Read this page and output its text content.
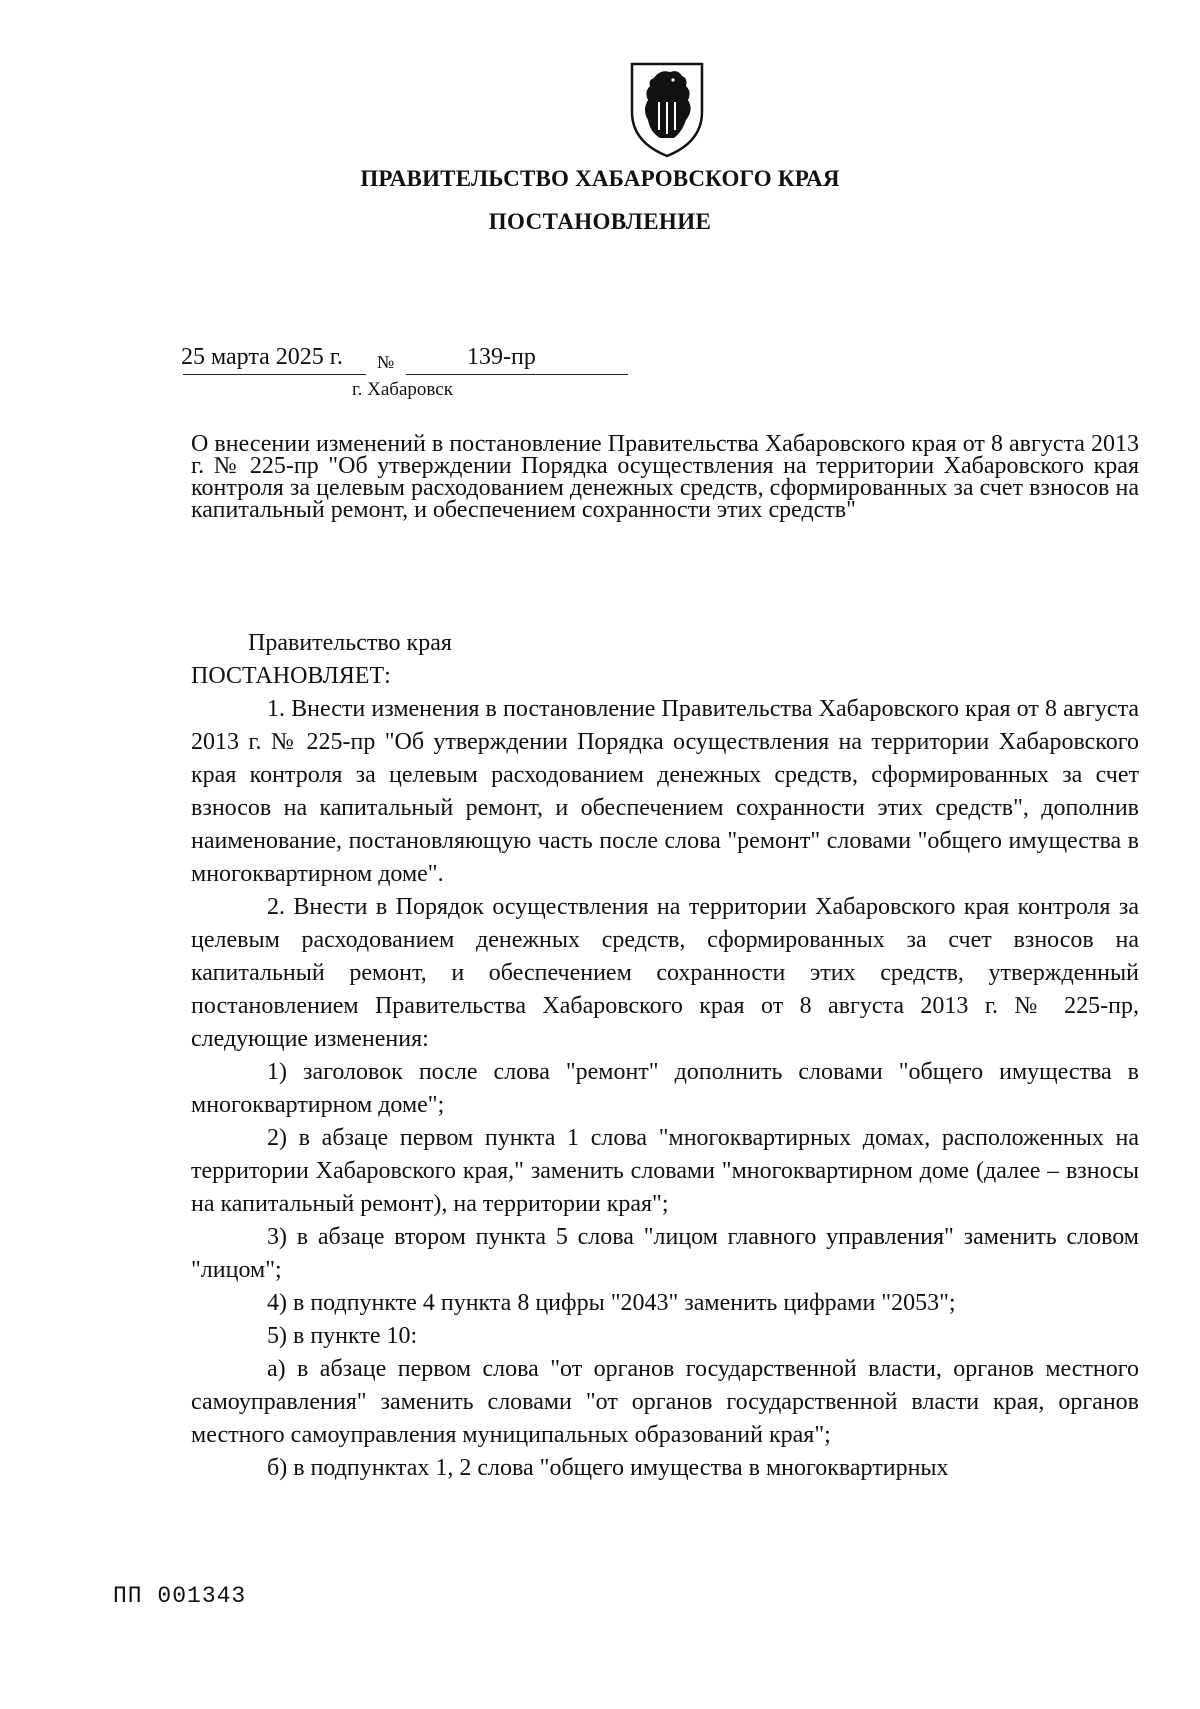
ПРАВИТЕЛЬСТВО ХАБАРОВСКОГО КРАЯ
ПОСТАНОВЛЕНИЕ
25 марта 2025 г. №	139-пр
г. Хабаровск
О внесении изменений в постановление Правительства Хабаровского края от 8 августа 2013 г. № 225-пр "Об утверждении Порядка осуществления на территории Хабаровского края контроля за целевым расходованием денежных средств, сформированных за счет взносов на капитальный ремонт, и обеспечением сохранности этих средств"
Правительство края
ПОСТАНОВЛЯЕТ:

1. Внести изменения в постановление Правительства Хабаровского края от 8 августа 2013 г. № 225-пр "Об утверждении Порядка осуществления на территории Хабаровского края контроля за целевым расходованием денежных средств, сформированных за счет взносов на капитальный ремонт, и обеспечением сохранности этих средств", дополнив наименование, постановляющую часть после слова "ремонт" словами "общего имущества в многоквартирном доме".

2. Внести в Порядок осуществления на территории Хабаровского края контроля за целевым расходованием денежных средств, сформированных за счет взносов на капитальный ремонт, и обеспечением сохранности этих средств, утвержденный постановлением Правительства Хабаровского края от 8 августа 2013 г. № 225-пр, следующие изменения:

1) заголовок после слова "ремонт" дополнить словами "общего имущества в многоквартирном доме";

2) в абзаце первом пункта 1 слова "многоквартирных домах, расположенных на территории Хабаровского края," заменить словами "многоквартирном доме (далее – взносы на капитальный ремонт), на территории края";

3) в абзаце втором пункта 5 слова "лицом главного управления" заменить словом "лицом";

4) в подпункте 4 пункта 8 цифры "2043" заменить цифрами "2053";

5) в пункте 10:

а) в абзаце первом слова "от органов государственной власти, органов местного самоуправления" заменить словами "от органов государственной власти края, органов местного самоуправления муниципальных образований края";

б) в подпунктах 1, 2 слова "общего имущества в многоквартирных

ПП 001343
